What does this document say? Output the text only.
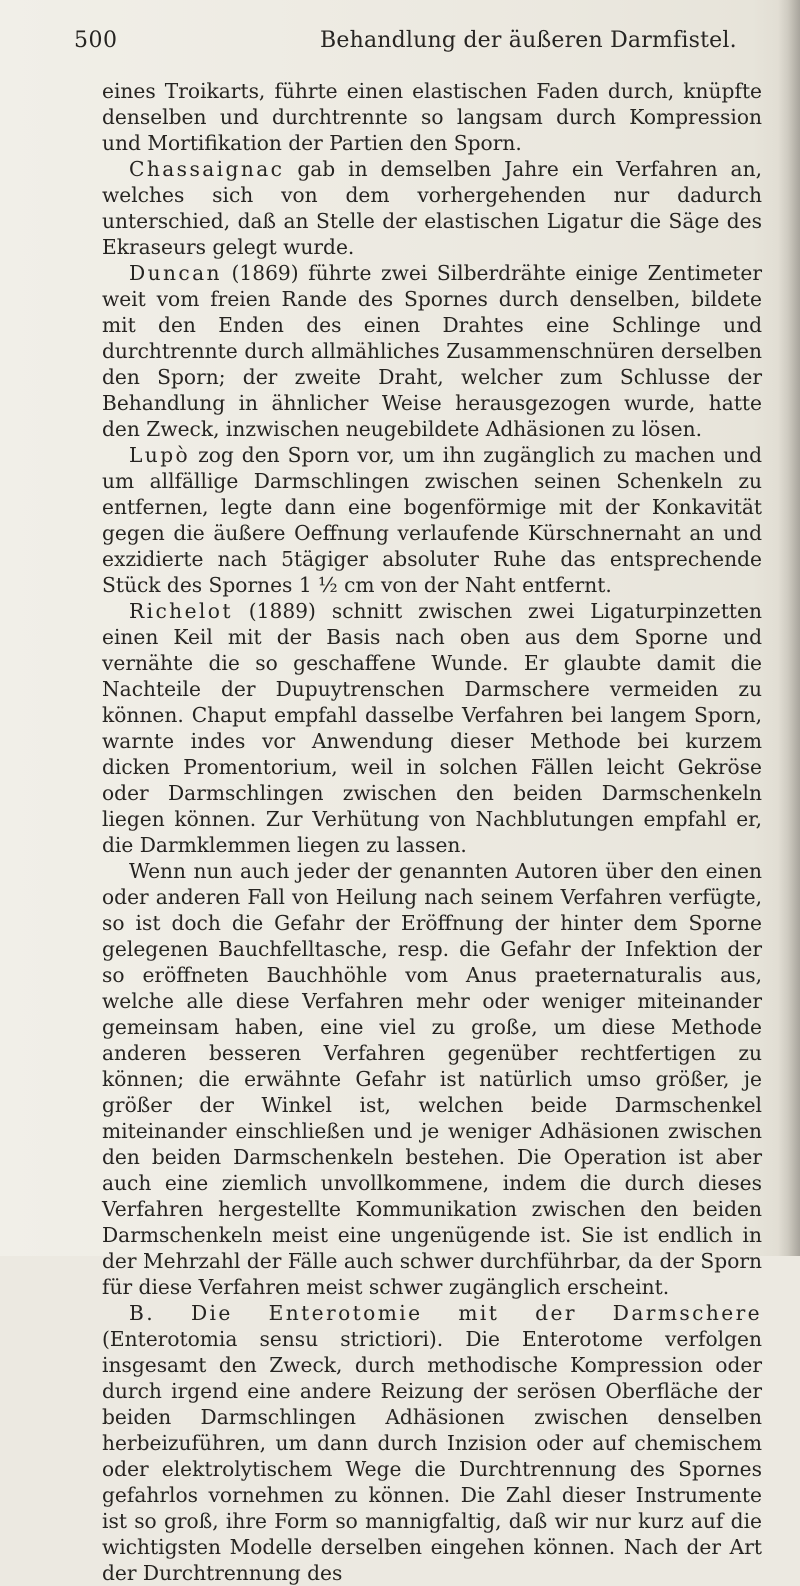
500	Behandlung der äußeren Darmfistel.

eines Troikarts, führte einen elastischen Faden durch, knüpfte denselben und durchtrennte so langsam durch Kompression und Mortifikation der Partien den Sporn.

Chassaignac gab in demselben Jahre ein Verfahren an, welches sich von dem vorhergehenden nur dadurch unterschied, daß an Stelle der elastischen Ligatur die Säge des Ekraseurs gelegt wurde.

Duncan (1869) führte zwei Silberdrähte einige Zentimeter weit vom freien Rande des Spornes durch denselben, bildete mit den Enden des einen Drahtes eine Schlinge und durchtrennte durch allmähliches Zusammenschnüren derselben den Sporn; der zweite Draht, welcher zum Schlusse der Behandlung in ähnlicher Weise herausgezogen wurde, hatte den Zweck, inzwischen neugebildete Adhäsionen zu lösen.

Lupò zog den Sporn vor, um ihn zugänglich zu machen und um allfällige Darmschlingen zwischen seinen Schenkeln zu entfernen, legte dann eine bogenförmige mit der Konkavität gegen die äußere Oeffnung verlaufende Kürschnernaht an und exzidierte nach 5tägiger absoluter Ruhe das entsprechende Stück des Spornes 1 ½ cm von der Naht entfernt.

Richelot (1889) schnitt zwischen zwei Ligaturpinzetten einen Keil mit der Basis nach oben aus dem Sporne und vernähte die so geschaffene Wunde. Er glaubte damit die Nachteile der Dupuytrenschen Darmschere vermeiden zu können. Chaput empfahl dasselbe Verfahren bei langem Sporn, warnte indes vor Anwendung dieser Methode bei kurzem dicken Promentorium, weil in solchen Fällen leicht Gekröse oder Darmschlingen zwischen den beiden Darmschenkeln liegen können. Zur Verhütung von Nachblutungen empfahl er, die Darmklemmen liegen zu lassen.

Wenn nun auch jeder der genannten Autoren über den einen oder anderen Fall von Heilung nach seinem Verfahren verfügte, so ist doch die Gefahr der Eröffnung der hinter dem Sporne gelegenen Bauchfelltasche, resp. die Gefahr der Infektion der so eröffneten Bauchhöhle vom Anus praeternaturalis aus, welche alle diese Verfahren mehr oder weniger miteinander gemeinsam haben, eine viel zu große, um diese Methode anderen besseren Verfahren gegenüber rechtfertigen zu können; die erwähnte Gefahr ist natürlich umso größer, je größer der Winkel ist, welchen beide Darmschenkel miteinander einschließen und je weniger Adhäsionen zwischen den beiden Darmschenkeln bestehen. Die Operation ist aber auch eine ziemlich unvollkommene, indem die durch dieses Verfahren hergestellte Kommunikation zwischen den beiden Darmschenkeln meist eine ungenügende ist. Sie ist endlich in der Mehrzahl der Fälle auch schwer durchführbar, da der Sporn für diese Verfahren meist schwer zugänglich erscheint.

B. Die Enterotomie mit der Darmschere (Enterotomia sensu strictiori). Die Enterotome verfolgen insgesamt den Zweck, durch methodische Kompression oder durch irgend eine andere Reizung der serösen Oberfläche der beiden Darmschlingen Adhäsionen zwischen denselben herbeizuführen, um dann durch Inzision oder auf chemischem oder elektrolytischem Wege die Durchtrennung des Spornes gefahrlos vornehmen zu können. Die Zahl dieser Instrumente ist so groß, ihre Form so mannigfaltig, daß wir nur kurz auf die wichtigsten Modelle derselben eingehen können. Nach der Art der Durchtrennung des
